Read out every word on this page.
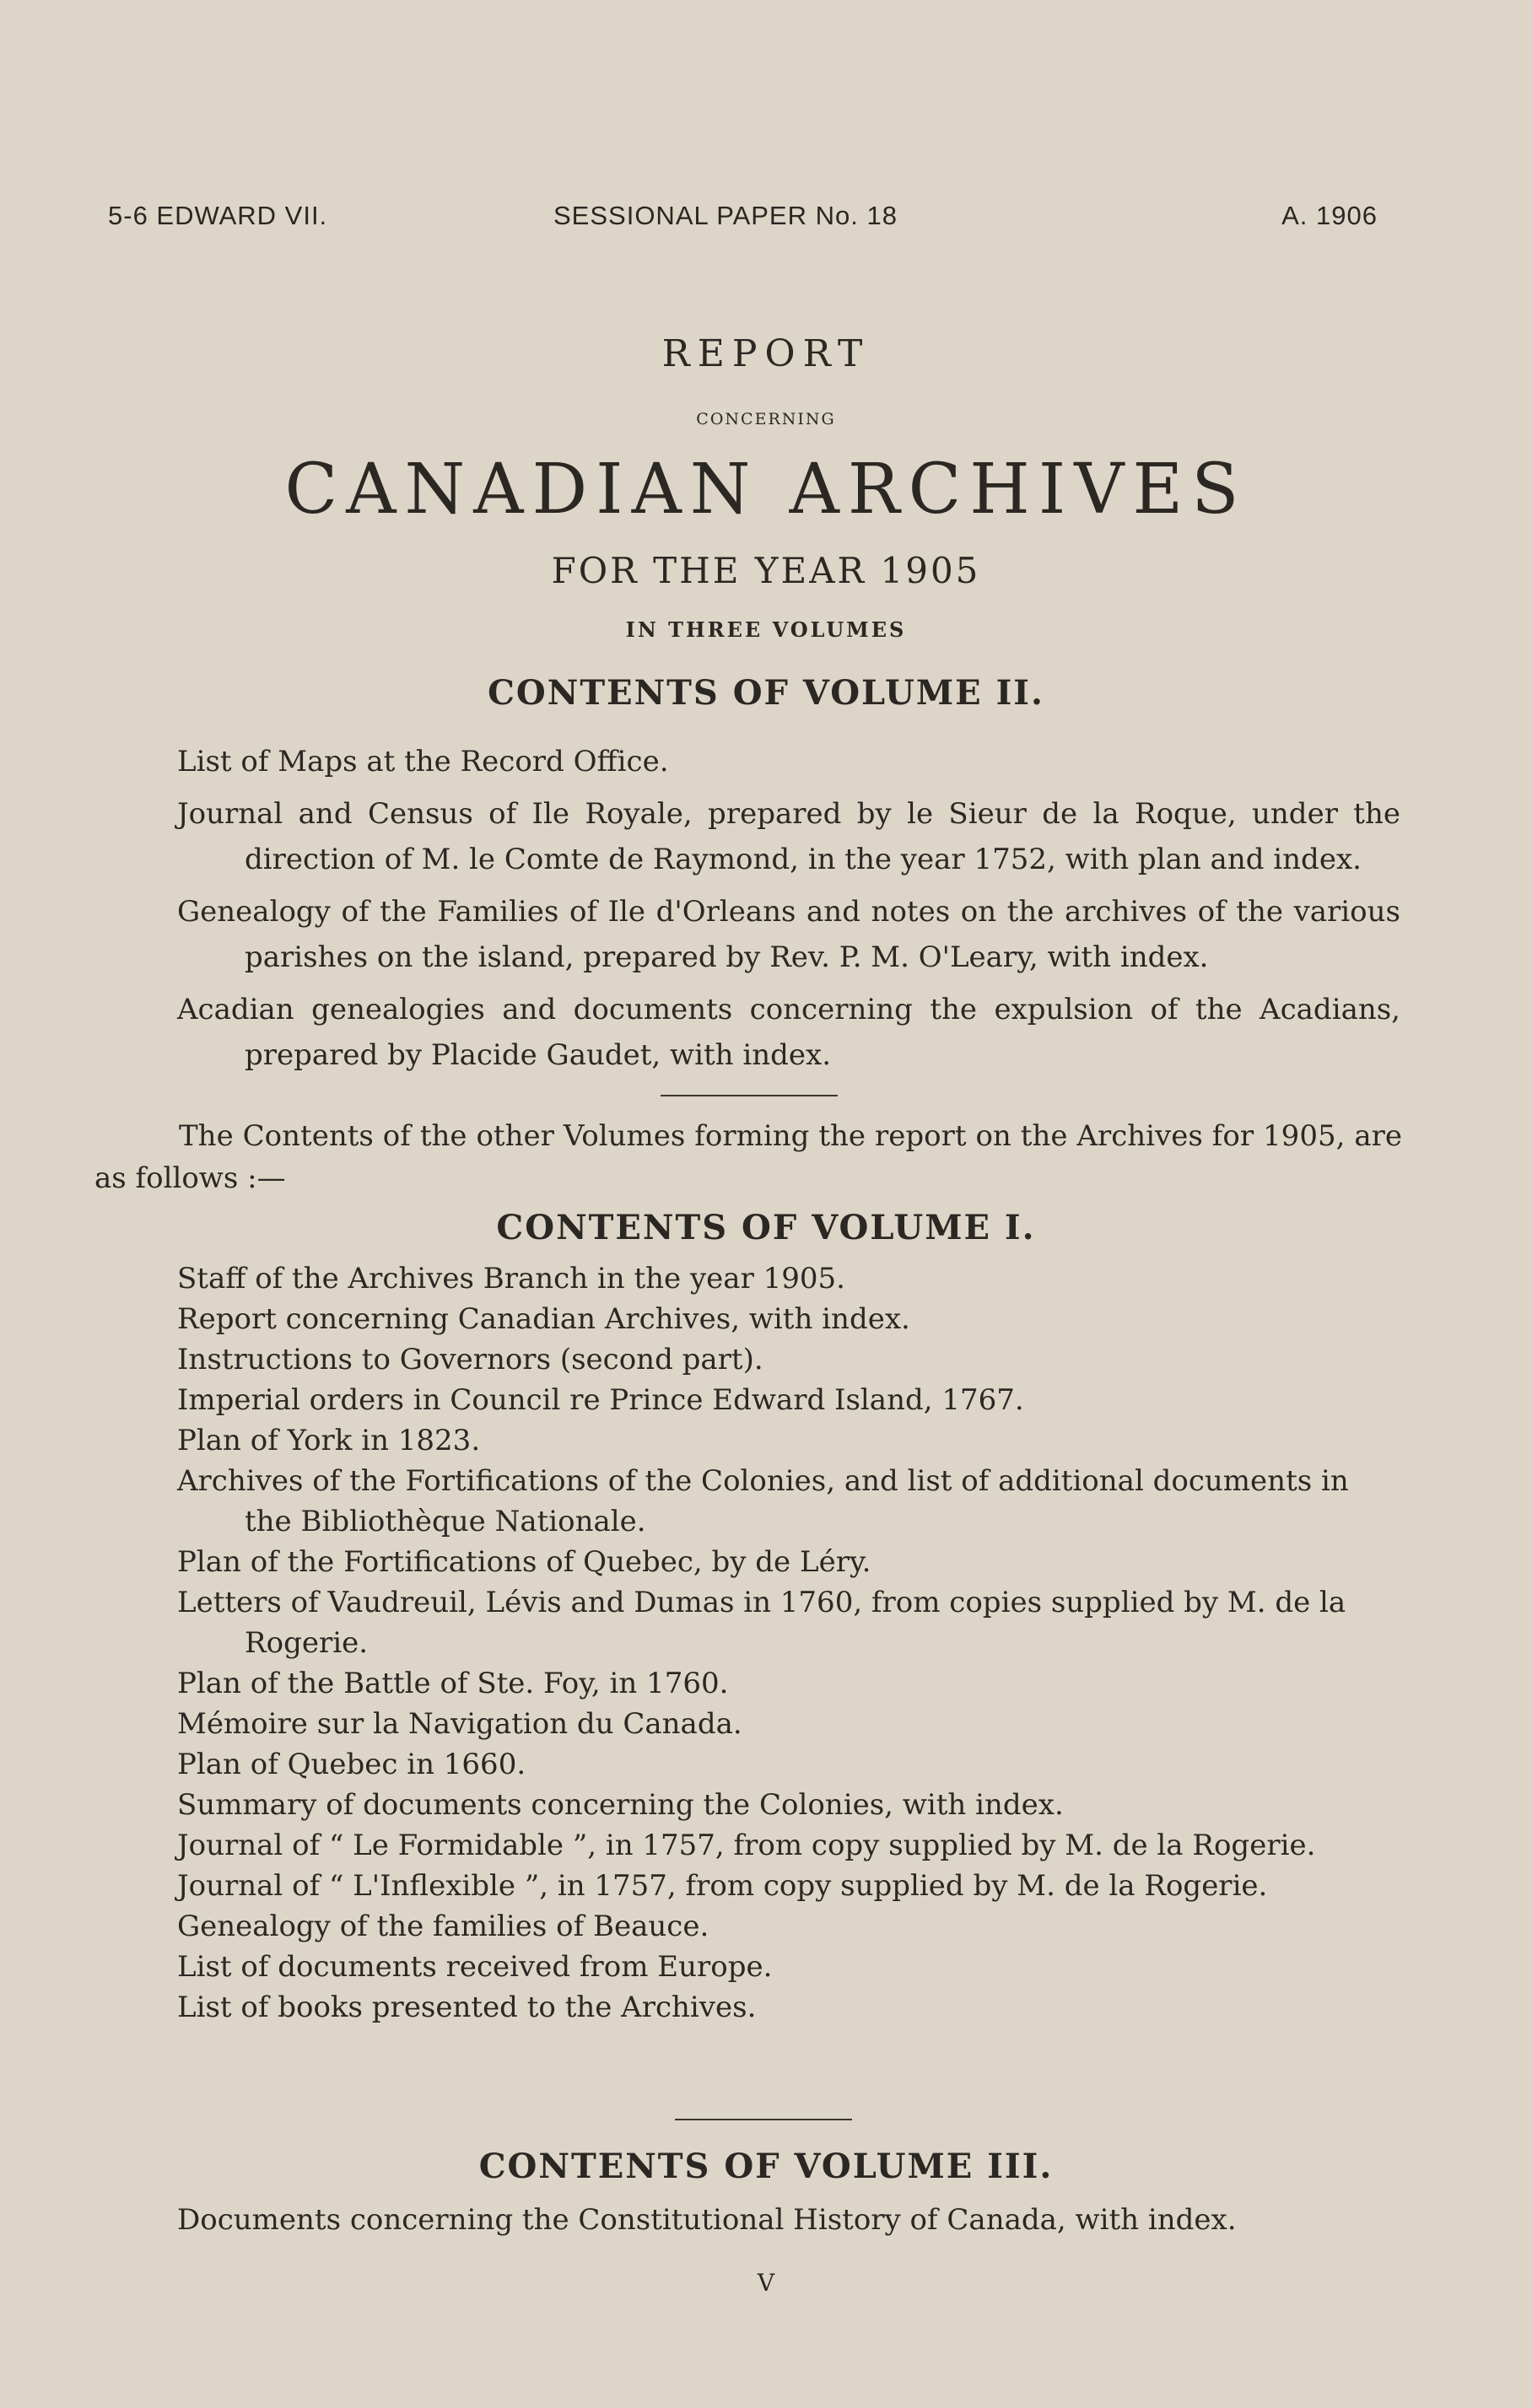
5-6 EDWARD VII.	SESSIONAL PAPER No. 18	A. 1906
REPORT
CONCERNING
CANADIAN ARCHIVES
FOR THE YEAR 1905
IN THREE VOLUMES
CONTENTS OF VOLUME II.
List of Maps at the Record Office.
Journal and Census of Ile Royale, prepared by le Sieur de la Roque, under the direction of M. le Comte de Raymond, in the year 1752, with plan and index.
Genealogy of the Families of Ile d'Orleans and notes on the archives of the various parishes on the island, prepared by Rev. P. M. O'Leary, with index.
Acadian genealogies and documents concerning the expulsion of the Acadians, prepared by Placide Gaudet, with index.

The Contents of the other Volumes forming the report on the Archives for 1905, are as follows :—

CONTENTS OF VOLUME I.
Staff of the Archives Branch in the year 1905.
Report concerning Canadian Archives, with index.
Instructions to Governors (second part).
Imperial orders in Council re Prince Edward Island, 1767.
Plan of York in 1823.
Archives of the Fortifications of the Colonies, and list of additional documents in the Bibliothèque Nationale.
Plan of the Fortifications of Quebec, by de Léry.
Letters of Vaudreuil, Lévis and Dumas in 1760, from copies supplied by M. de la Rogerie.
Plan of the Battle of Ste. Foy, in 1760.
Mémoire sur la Navigation du Canada.
Plan of Quebec in 1660.
Summary of documents concerning the Colonies, with index.
Journal of “ Le Formidable ”, in 1757, from copy supplied by M. de la Rogerie.
Journal of “ L'Inflexible ”, in 1757, from copy supplied by M. de la Rogerie.
Genealogy of the families of Beauce.
List of documents received from Europe.
List of books presented to the Archives.
CONTENTS OF VOLUME III.
Documents concerning the Constitutional History of Canada, with index.
V
